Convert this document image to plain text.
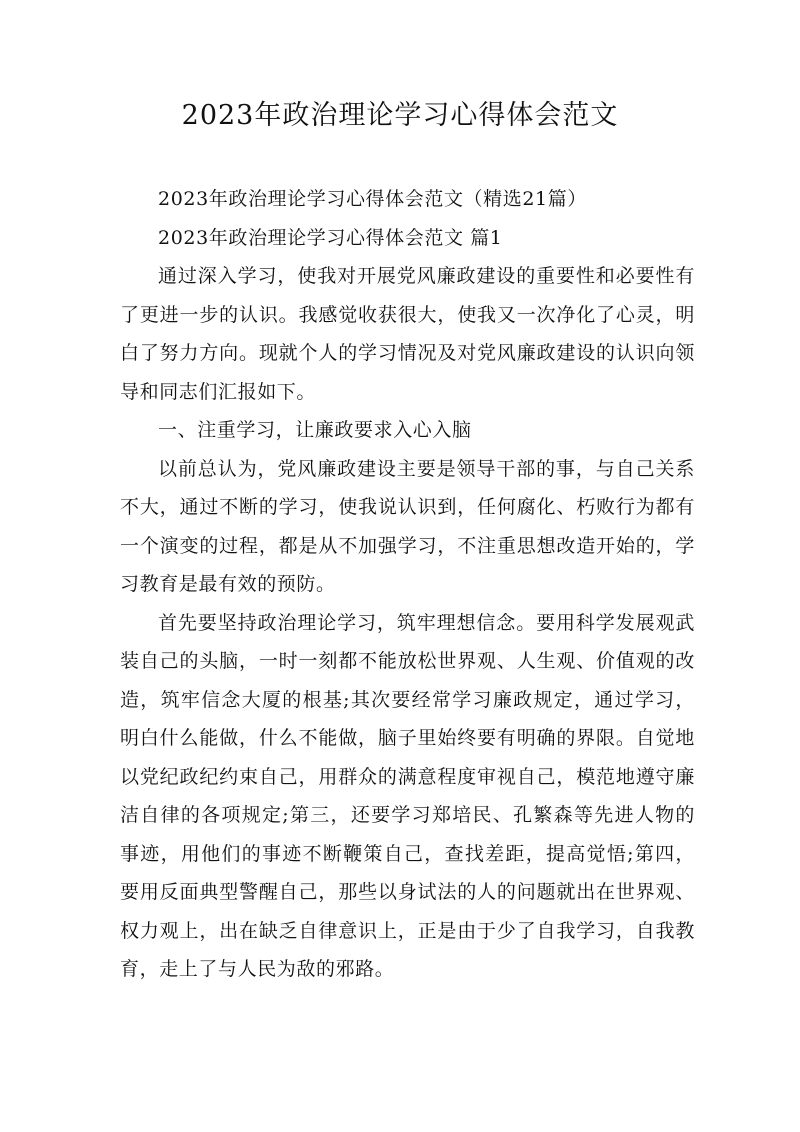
2023年政治理论学习心得体会范文

2023年政治理论学习心得体会范文（精选21篇）

2023年政治理论学习心得体会范文 篇1

通过深入学习，使我对开展党风廉政建设的重要性和必要性有了更进一步的认识。我感觉收获很大，使我又一次净化了心灵，明白了努力方向。现就个人的学习情况及对党风廉政建设的认识向领导和同志们汇报如下。

一、注重学习，让廉政要求入心入脑

以前总认为，党风廉政建设主要是领导干部的事，与自己关系不大，通过不断的学习，使我说认识到，任何腐化、朽败行为都有一个演变的过程，都是从不加强学习，不注重思想改造开始的，学习教育是最有效的预防。

首先要坚持政治理论学习，筑牢理想信念。要用科学发展观武装自己的头脑，一时一刻都不能放松世界观、人生观、价值观的改造，筑牢信念大厦的根基;其次要经常学习廉政规定，通过学习，明白什么能做，什么不能做，脑子里始终要有明确的界限。自觉地以党纪政纪约束自己，用群众的满意程度审视自己，模范地遵守廉洁自律的各项规定;第三，还要学习郑培民、孔繁森等先进人物的事迹，用他们的事迹不断鞭策自己，查找差距，提高觉悟;第四，要用反面典型警醒自己，那些以身试法的人的问题就出在世界观、权力观上，出在缺乏自律意识上，正是由于少了自我学习，自我教育，走上了与人民为敌的邪路。
